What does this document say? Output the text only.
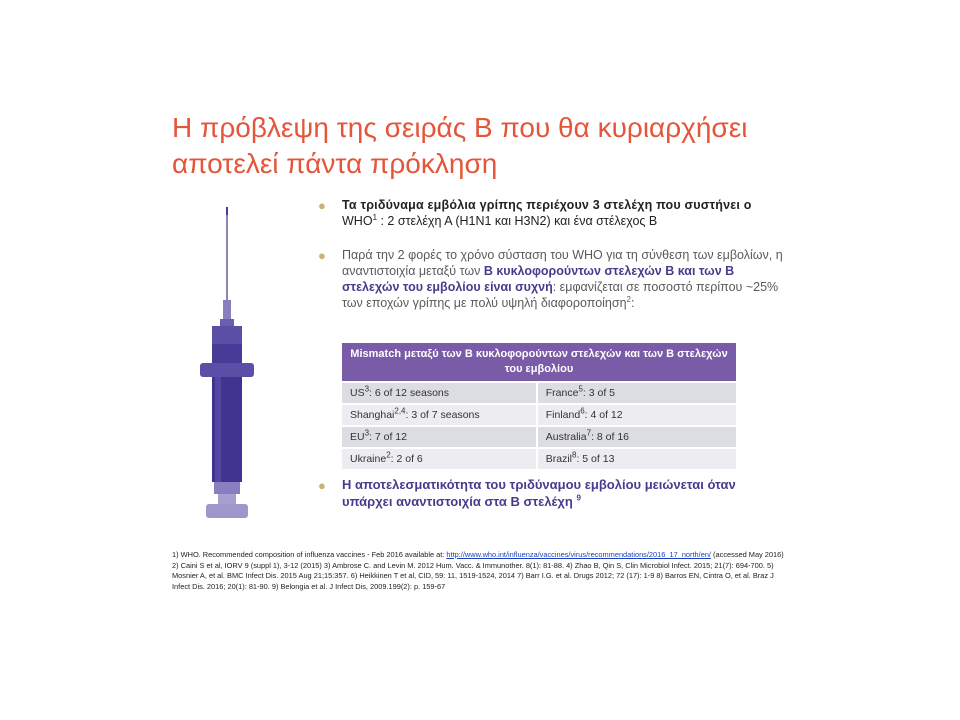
Η πρόβλεψη της σειράς Β που θα κυριαρχήσει
αποτελεί πάντα πρόκληση
● Τα τριδύναμα εμβόλια γρίπης περιέχουν 3 στελέχη που συστήνει ο
WHO$^1$ : 2 στελέχη Α (H1N1 και H3N2) και ένα στέλεχος Β
● Παρά την 2 φορές το χρόνο σύσταση του WHO για τη σύνθεση των εμβολίων, η αναντιστοιχία μεταξύ των Β κυκλοφορούντων στελεχών Β και των Β στελεχών του εμβολίου είναι συχνή: εμφανίζεται σε ποσοστό περίπου ~25% των εποχών γρίπης με πολύ υψηλή διαφοροποίηση$^2$:
Mismatch μεταξύ των Β κυκλοφορούντων στελεχών και των Β στελεχών του εμβολίου	
$US^3$: 6 of 12 seasons	France$^5$: 3 of 5
Shanghai$^{2,4}$: 3 of 7 seasons	Finland$^6$: 4 of 12
$EU^3$: 7 of 12	Australia$^7$: 8 of 16
Ukraine$^2$: 2 of 6	Brazil$^8$: 5 of 13
● Η αποτελεσματικότητα του τριδύναμου εμβολίου μειώνεται όταν υπάρχει αναντιστοιχία στα Β στελέχη $^9$
1) WHO. Recommended composition of influenza vaccines - Feb 2016 available at: http://www.who.int/influenza/vaccines/virus/recommendations/2016_17_north/en/ (accessed May 2016) 2) Caini S et al, IORV 9 (suppl 1), 3-12 (2015) 3) Ambrose C. and Levin M. 2012 Hum. Vacc. & Immunother. 8(1): 81-88. 4) Zhao B, Qin S, Clin Microbiol Infect. 2015; 21(7): 694-700. 5) Mosnier A, et al. BMC Infect Dis. 2015 Aug 21;15:357. 6) Heikkinen T et al, CID, 59: 11, 1519-1524, 2014 7) Barr I.G. et al. Drugs 2012; 72 (17): 1-9 8) Barros EN, Cintra O, et al. Braz J Infect Dis. 2016; 20(1): 81-90. 9) Belongia et al. J Infect Dis, 2009.199(2): p. 159-67
